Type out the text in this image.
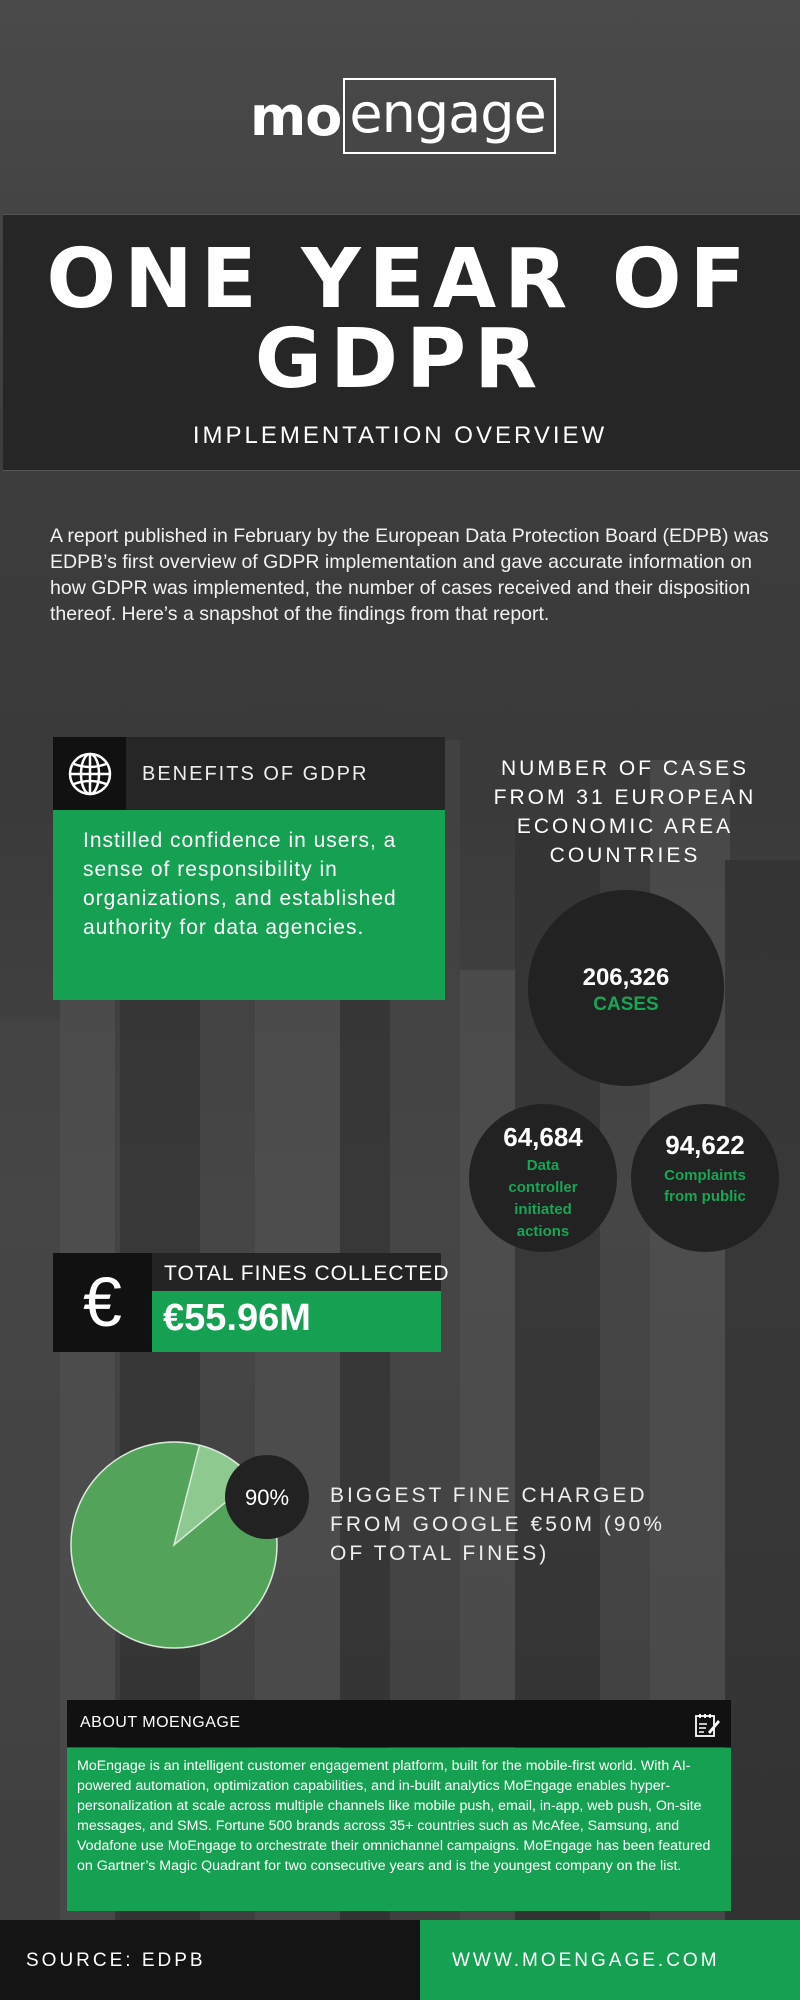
mo engage
ONE YEAR OF
GDPR
IMPLEMENTATION OVERVIEW
A report published in February by the European Data Protection Board (EDPB) was EDPB’s first overview of GDPR implementation and gave accurate information on how GDPR was implemented, the number of cases received and their disposition thereof. Here’s a snapshot of the findings from that report.
BENEFITS OF GDPR
Instilled confidence in users, a sense of responsibility in organizations, and established authority for data agencies.
NUMBER OF CASES FROM 31 EUROPEAN ECONOMIC AREA COUNTRIES
206,326
CASES
64,684
Data controller initiated actions
94,622
Complaints from public
€	TOTAL FINES COLLECTED
€55.96M
90% BIGGEST FINE CHARGED FROM GOOGLE €50M (90% OF TOTAL FINES)
ABOUT MOENGAGE
MoEngage is an intelligent customer engagement platform, built for the mobile-first world. With AI-powered automation, optimization capabilities, and in-built analytics MoEngage enables hyper-personalization at scale across multiple channels like mobile push, email, in-app, web push, On-site messages, and SMS. Fortune 500 brands across 35+ countries such as McAfee, Samsung, and Vodafone use MoEngage to orchestrate their omnichannel campaigns. MoEngage has been featured on Gartner’s Magic Quadrant for two consecutive years and is the youngest company on the list.
SOURCE: EDPB	WWW.MOENGAGE.COM
